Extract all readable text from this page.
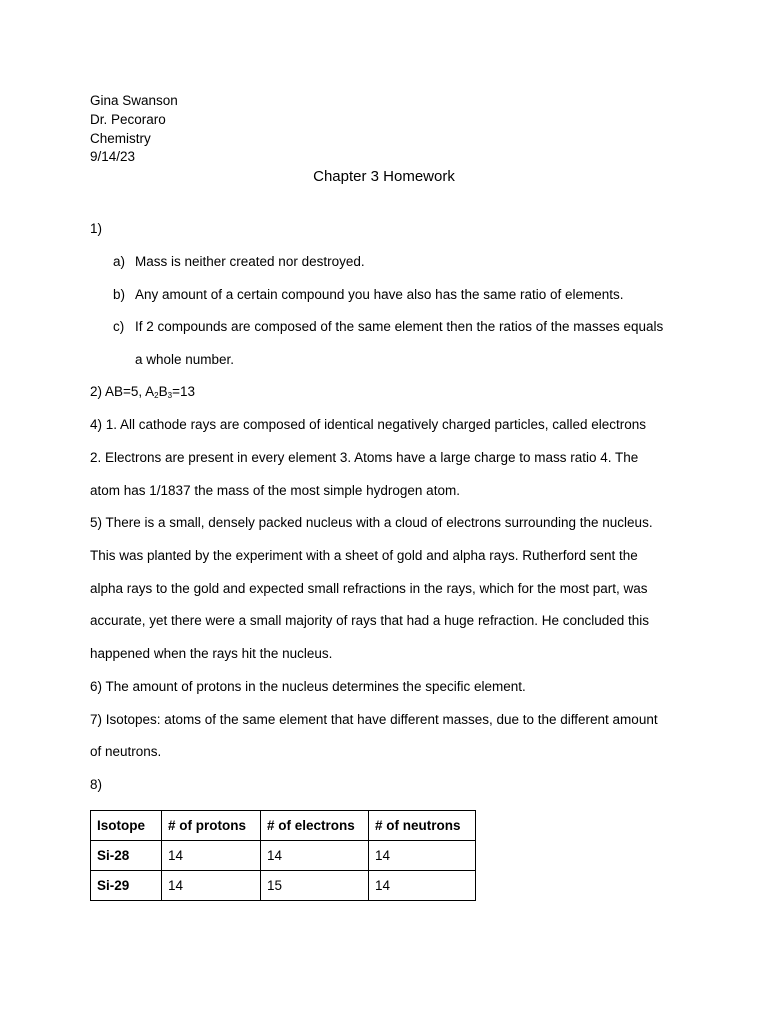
Gina Swanson
Dr. Pecoraro
Chemistry
9/14/23
Chapter 3 Homework
1)
a) Mass is neither created nor destroyed.
b) Any amount of a certain compound you have also has the same ratio of elements.
c) If 2 compounds are composed of the same element then the ratios of the masses equals
a whole number.
2) AB=5, $A_2B_3=13$
4) 1. All cathode rays are composed of identical negatively charged particles, called electrons
2. Electrons are present in every element 3. Atoms have a large charge to mass ratio 4. The
atom has 1/1837 the mass of the most simple hydrogen atom.
5) There is a small, densely packed nucleus with a cloud of electrons surrounding the nucleus.
This was planted by the experiment with a sheet of gold and alpha rays. Rutherford sent the
alpha rays to the gold and expected small refractions in the rays, which for the most part, was
accurate, yet there were a small majority of rays that had a huge refraction. He concluded this
happened when the rays hit the nucleus.
6) The amount of protons in the nucleus determines the specific element.
7) Isotopes: atoms of the same element that have different masses, due to the different amount
of neutrons.
8)
Isotope	# of protons	# of electrons	# of neutrons
Si-28	14	14	14
Si-29	14	15	14
